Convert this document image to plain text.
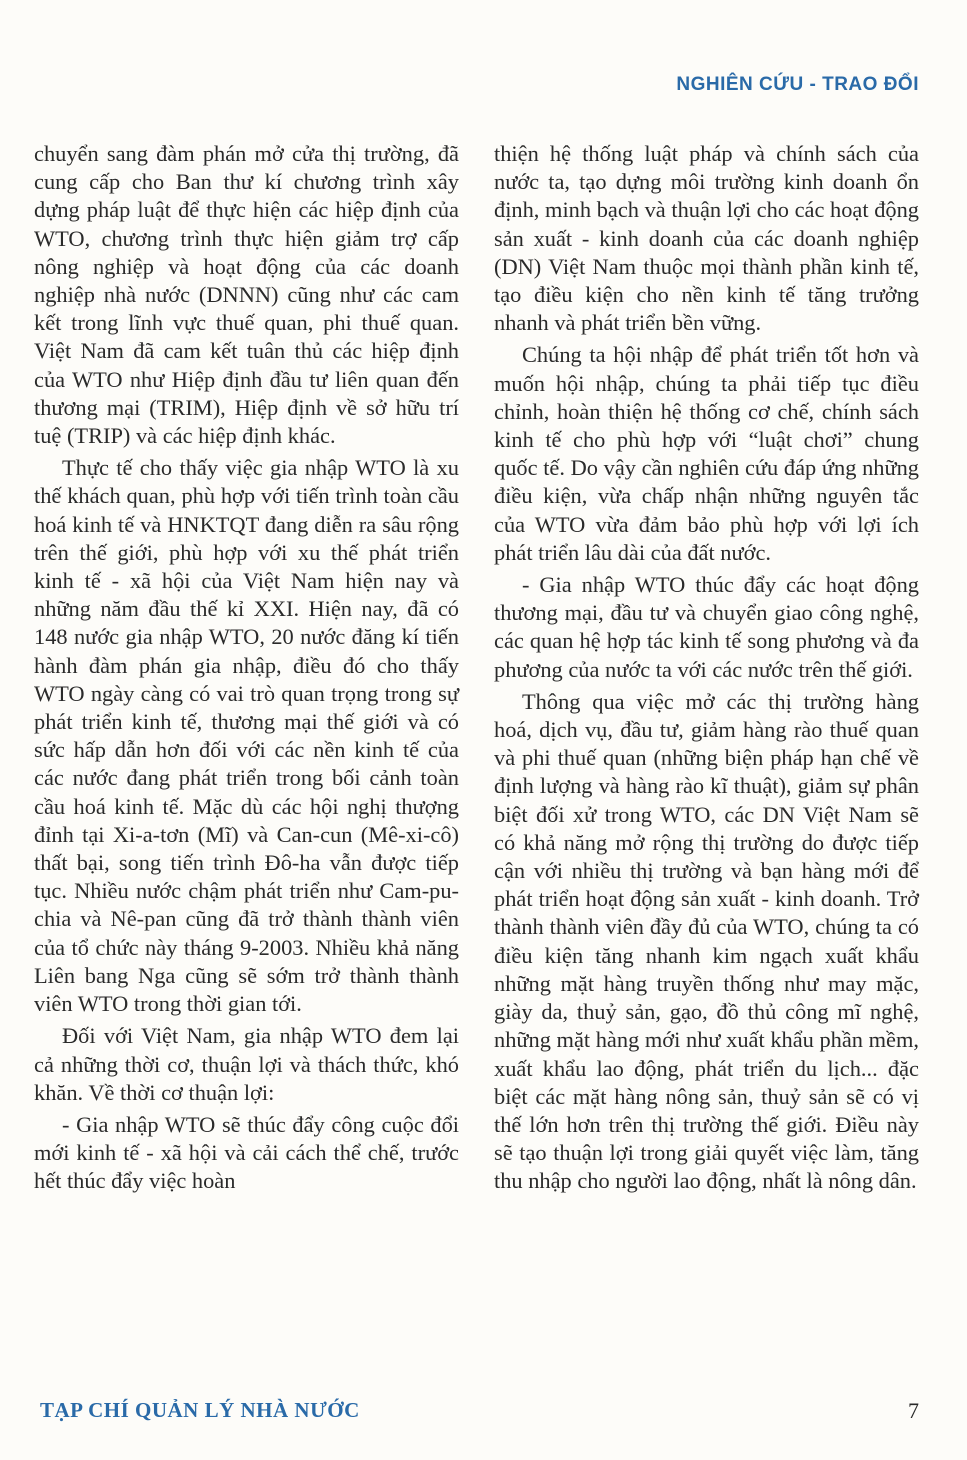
NGHIÊN CỨU - TRAO ĐỔI

chuyển sang đàm phán mở cửa thị trường, đã cung cấp cho Ban thư kí chương trình xây dựng pháp luật để thực hiện các hiệp định của WTO, chương trình thực hiện giảm trợ cấp nông nghiệp và hoạt động của các doanh nghiệp nhà nước (DNNN) cũng như các cam kết trong lĩnh vực thuế quan, phi thuế quan. Việt Nam đã cam kết tuân thủ các hiệp định của WTO như Hiệp định đầu tư liên quan đến thương mại (TRIM), Hiệp định về sở hữu trí tuệ (TRIP) và các hiệp định khác.

Thực tế cho thấy việc gia nhập WTO là xu thế khách quan, phù hợp với tiến trình toàn cầu hoá kinh tế và HNKTQT đang diễn ra sâu rộng trên thế giới, phù hợp với xu thế phát triển kinh tế - xã hội của Việt Nam hiện nay và những năm đầu thế kỉ XXI. Hiện nay, đã có 148 nước gia nhập WTO, 20 nước đăng kí tiến hành đàm phán gia nhập, điều đó cho thấy WTO ngày càng có vai trò quan trọng trong sự phát triển kinh tế, thương mại thế giới và có sức hấp dẫn hơn đối với các nền kinh tế của các nước đang phát triển trong bối cảnh toàn cầu hoá kinh tế. Mặc dù các hội nghị thượng đỉnh tại Xi-a-tơn (Mĩ) và Can-cun (Mê-xi-cô) thất bại, song tiến trình Đô-ha vẫn được tiếp tục. Nhiều nước chậm phát triển như Cam-pu-chia và Nê-pan cũng đã trở thành thành viên của tổ chức này tháng 9-2003. Nhiều khả năng Liên bang Nga cũng sẽ sớm trở thành thành viên WTO trong thời gian tới.

Đối với Việt Nam, gia nhập WTO đem lại cả những thời cơ, thuận lợi và thách thức, khó khăn. Về thời cơ thuận lợi:

- Gia nhập WTO sẽ thúc đẩy công cuộc đổi mới kinh tế - xã hội và cải cách thể chế, trước hết thúc đẩy việc hoàn

thiện hệ thống luật pháp và chính sách của nước ta, tạo dựng môi trường kinh doanh ổn định, minh bạch và thuận lợi cho các hoạt động sản xuất - kinh doanh của các doanh nghiệp (DN) Việt Nam thuộc mọi thành phần kinh tế, tạo điều kiện cho nền kinh tế tăng trưởng nhanh và phát triển bền vững.

Chúng ta hội nhập để phát triển tốt hơn và muốn hội nhập, chúng ta phải tiếp tục điều chỉnh, hoàn thiện hệ thống cơ chế, chính sách kinh tế cho phù hợp với “luật chơi” chung quốc tế. Do vậy cần nghiên cứu đáp ứng những điều kiện, vừa chấp nhận những nguyên tắc của WTO vừa đảm bảo phù hợp với lợi ích phát triển lâu dài của đất nước.

- Gia nhập WTO thúc đẩy các hoạt động thương mại, đầu tư và chuyển giao công nghệ, các quan hệ hợp tác kinh tế song phương và đa phương của nước ta với các nước trên thế giới.

Thông qua việc mở các thị trường hàng hoá, dịch vụ, đầu tư, giảm hàng rào thuế quan và phi thuế quan (những biện pháp hạn chế về định lượng và hàng rào kĩ thuật), giảm sự phân biệt đối xử trong WTO, các DN Việt Nam sẽ có khả năng mở rộng thị trường do được tiếp cận với nhiều thị trường và bạn hàng mới để phát triển hoạt động sản xuất - kinh doanh. Trở thành thành viên đầy đủ của WTO, chúng ta có điều kiện tăng nhanh kim ngạch xuất khẩu những mặt hàng truyền thống như may mặc, giày da, thuỷ sản, gạo, đồ thủ công mĩ nghệ, những mặt hàng mới như xuất khẩu phần mềm, xuất khẩu lao động, phát triển du lịch... đặc biệt các mặt hàng nông sản, thuỷ sản sẽ có vị thế lớn hơn trên thị trường thế giới. Điều này sẽ tạo thuận lợi trong giải quyết việc làm, tăng thu nhập cho người lao động, nhất là nông dân.

TẠP CHÍ QUẢN LÝ NHÀ NƯỚC	7
